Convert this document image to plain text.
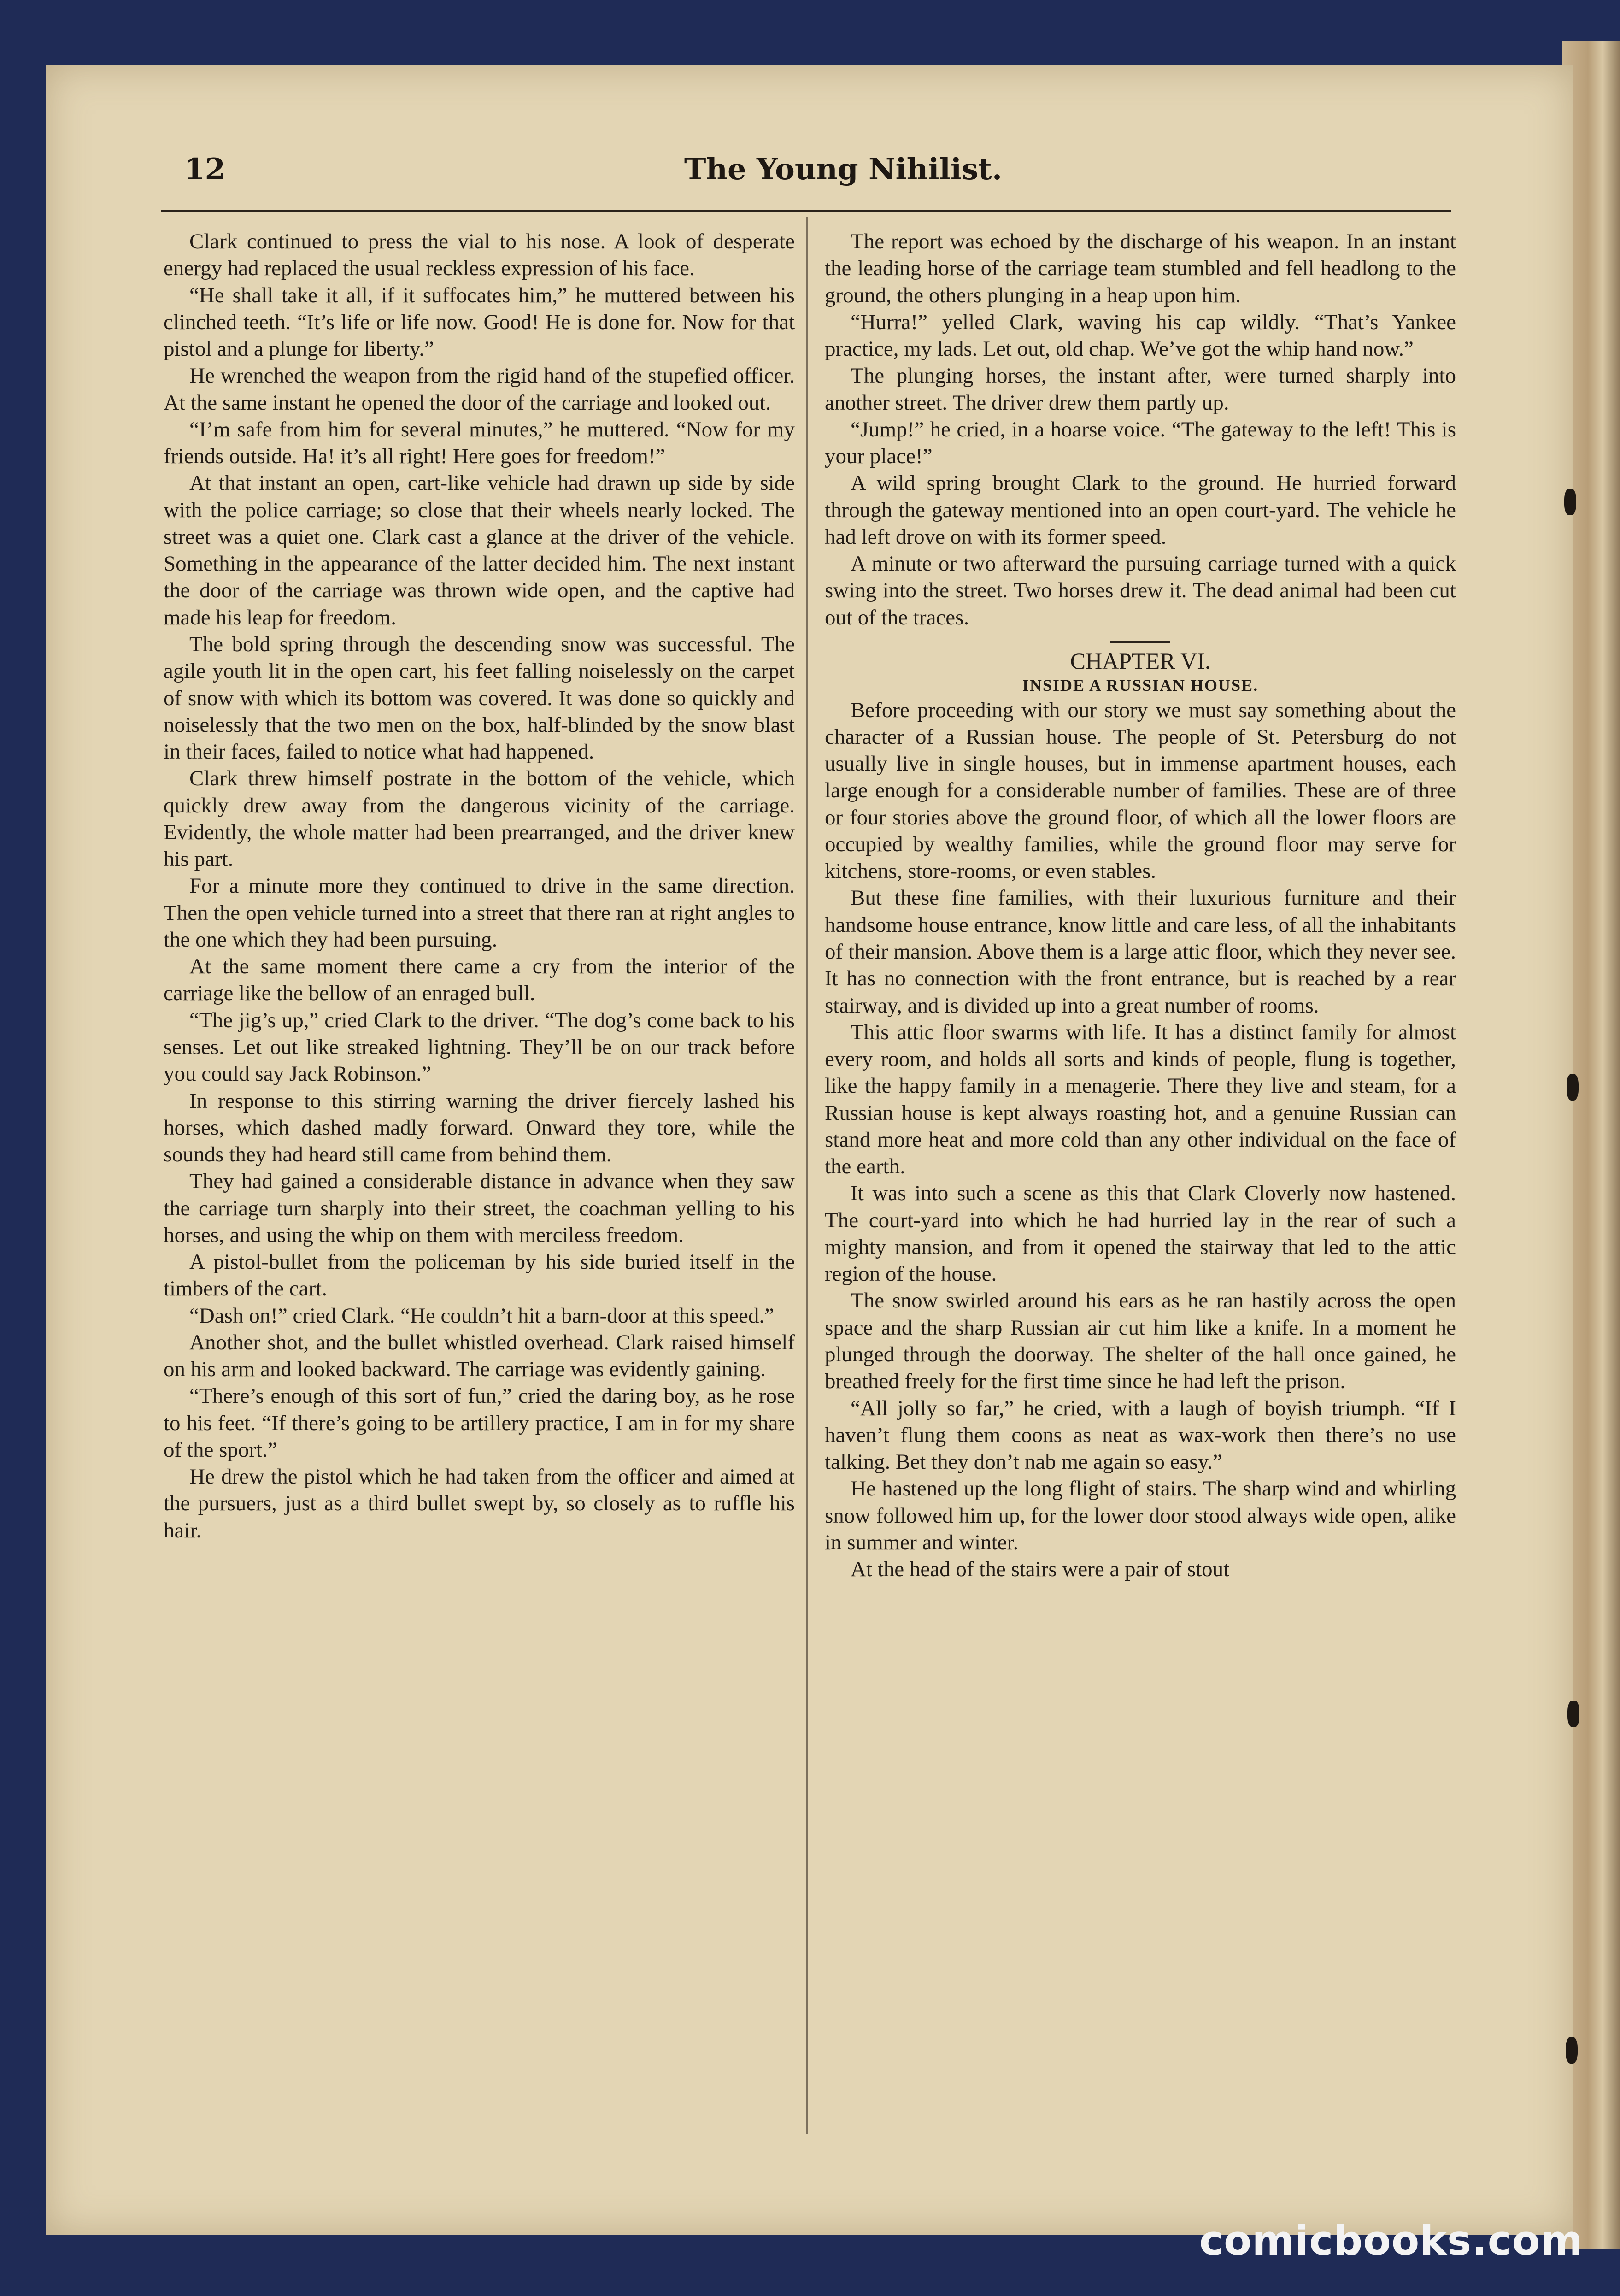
12	The Young Nihilist.

Clark continued to press the vial to his nose. A look of desperate energy had replaced the usual reckless expression of his face.

“He shall take it all, if it suffocates him,” he muttered between his clinched teeth. “It’s life or life now. Good! He is done for. Now for that pistol and a plunge for liberty.”

He wrenched the weapon from the rigid hand of the stupefied officer. At the same instant he opened the door of the carriage and looked out.

“I’m safe from him for several minutes,” he muttered. “Now for my friends outside. Ha! it’s all right! Here goes for freedom!”

At that instant an open, cart-like vehicle had drawn up side by side with the police carriage; so close that their wheels nearly locked. The street was a quiet one. Clark cast a glance at the driver of the vehicle. Something in the appearance of the latter decided him. The next instant the door of the carriage was thrown wide open, and the captive had made his leap for freedom.

The bold spring through the descending snow was successful. The agile youth lit in the open cart, his feet falling noiselessly on the carpet of snow with which its bottom was covered. It was done so quickly and noiselessly that the two men on the box, half-blinded by the snow blast in their faces, failed to notice what had happened.

Clark threw himself postrate in the bottom of the vehicle, which quickly drew away from the dangerous vicinity of the carriage. Evidently, the whole matter had been prearranged, and the driver knew his part.

For a minute more they continued to drive in the same direction. Then the open vehicle turned into a street that there ran at right angles to the one which they had been pursuing.

At the same moment there came a cry from the interior of the carriage like the bellow of an enraged bull.

“The jig’s up,” cried Clark to the driver. “The dog’s come back to his senses. Let out like streaked lightning. They’ll be on our track before you could say Jack Robinson.”

In response to this stirring warning the driver fiercely lashed his horses, which dashed madly forward. Onward they tore, while the sounds they had heard still came from behind them.

They had gained a considerable distance in advance when they saw the carriage turn sharply into their street, the coachman yelling to his horses, and using the whip on them with merciless freedom.

A pistol-bullet from the policeman by his side buried itself in the timbers of the cart.

“Dash on!” cried Clark. “He couldn’t hit a barn-door at this speed.”

Another shot, and the bullet whistled overhead. Clark raised himself on his arm and looked backward. The carriage was evidently gaining.

“There’s enough of this sort of fun,” cried the daring boy, as he rose to his feet. “If there’s going to be artillery practice, I am in for my share of the sport.”

He drew the pistol which he had taken from the officer and aimed at the pursuers, just as a third bullet swept by, so closely as to ruffle his hair.

The report was echoed by the discharge of his weapon. In an instant the leading horse of the carriage team stumbled and fell headlong to the ground, the others plunging in a heap upon him.

“Hurra!” yelled Clark, waving his cap wildly. “That’s Yankee practice, my lads. Let out, old chap. We’ve got the whip hand now.”

The plunging horses, the instant after, were turned sharply into another street. The driver drew them partly up.

“Jump!” he cried, in a hoarse voice. “The gateway to the left! This is your place!”

A wild spring brought Clark to the ground. He hurried forward through the gateway mentioned into an open court-yard. The vehicle he had left drove on with its former speed.

A minute or two afterward the pursuing carriage turned with a quick swing into the street. Two horses drew it. The dead animal had been cut out of the traces.

CHAPTER VI.
INSIDE A RUSSIAN HOUSE.

Before proceeding with our story we must say something about the character of a Russian house. The people of St. Petersburg do not usually live in single houses, but in immense apartment houses, each large enough for a considerable number of families. These are of three or four stories above the ground floor, of which all the lower floors are occupied by wealthy families, while the ground floor may serve for kitchens, store-rooms, or even stables.

But these fine families, with their luxurious furniture and their handsome house entrance, know little and care less, of all the inhabitants of their mansion. Above them is a large attic floor, which they never see. It has no connection with the front entrance, but is reached by a rear stairway, and is divided up into a great number of rooms.

This attic floor swarms with life. It has a distinct family for almost every room, and holds all sorts and kinds of people, flung is together, like the happy family in a menagerie. There they live and steam, for a Russian house is kept always roasting hot, and a genuine Russian can stand more heat and more cold than any other individual on the face of the earth.

It was into such a scene as this that Clark Cloverly now hastened. The court-yard into which he had hurried lay in the rear of such a mighty mansion, and from it opened the stairway that led to the attic region of the house.

The snow swirled around his ears as he ran hastily across the open space and the sharp Russian air cut him like a knife. In a moment he plunged through the doorway. The shelter of the hall once gained, he breathed freely for the first time since he had left the prison.

“All jolly so far,” he cried, with a laugh of boyish triumph. “If I haven’t flung them coons as neat as wax-work then there’s no use talking. Bet they don’t nab me again so easy.”

He hastened up the long flight of stairs. The sharp wind and whirling snow followed him up, for the lower door stood always wide open, alike in summer and winter.

At the head of the stairs were a pair of stout

comicbooks.com
